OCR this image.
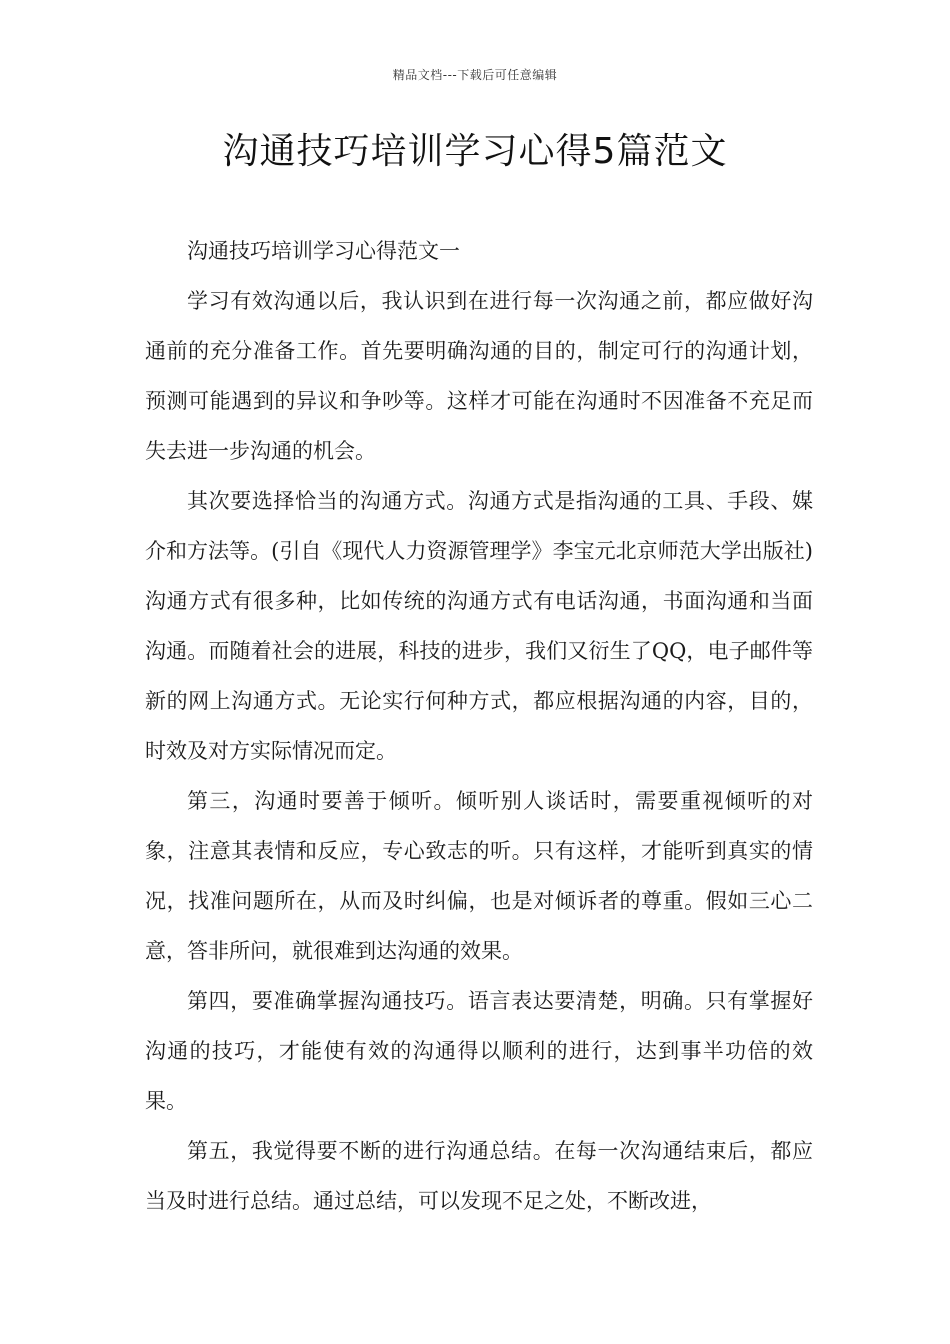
精品文档---下载后可任意编辑
沟通技巧培训学习心得5篇范文

沟通技巧培训学习心得范文一

学习有效沟通以后，我认识到在进行每一次沟通之前，都应做好沟通前的充分准备工作。首先要明确沟通的目的，制定可行的沟通计划，预测可能遇到的异议和争吵等。这样才可能在沟通时不因准备不充足而失去进一步沟通的机会。

其次要选择恰当的沟通方式。沟通方式是指沟通的工具、手段、媒介和方法等。(引自《现代人力资源管理学》李宝元北京师范大学出版社)沟通方式有很多种，比如传统的沟通方式有电话沟通，书面沟通和当面沟通。而随着社会的进展，科技的进步，我们又衍生了QQ，电子邮件等新的网上沟通方式。无论实行何种方式，都应根据沟通的内容，目的，时效及对方实际情况而定。

第三，沟通时要善于倾听。倾听别人谈话时，需要重视倾听的对象，注意其表情和反应，专心致志的听。只有这样，才能听到真实的情况，找准问题所在，从而及时纠偏，也是对倾诉者的尊重。假如三心二意，答非所问，就很难到达沟通的效果。

第四，要准确掌握沟通技巧。语言表达要清楚，明确。只有掌握好沟通的技巧，才能使有效的沟通得以顺利的进行，达到事半功倍的效果。

第五，我觉得要不断的进行沟通总结。在每一次沟通结束后，都应当及时进行总结。通过总结，可以发现不足之处，不断改进，
